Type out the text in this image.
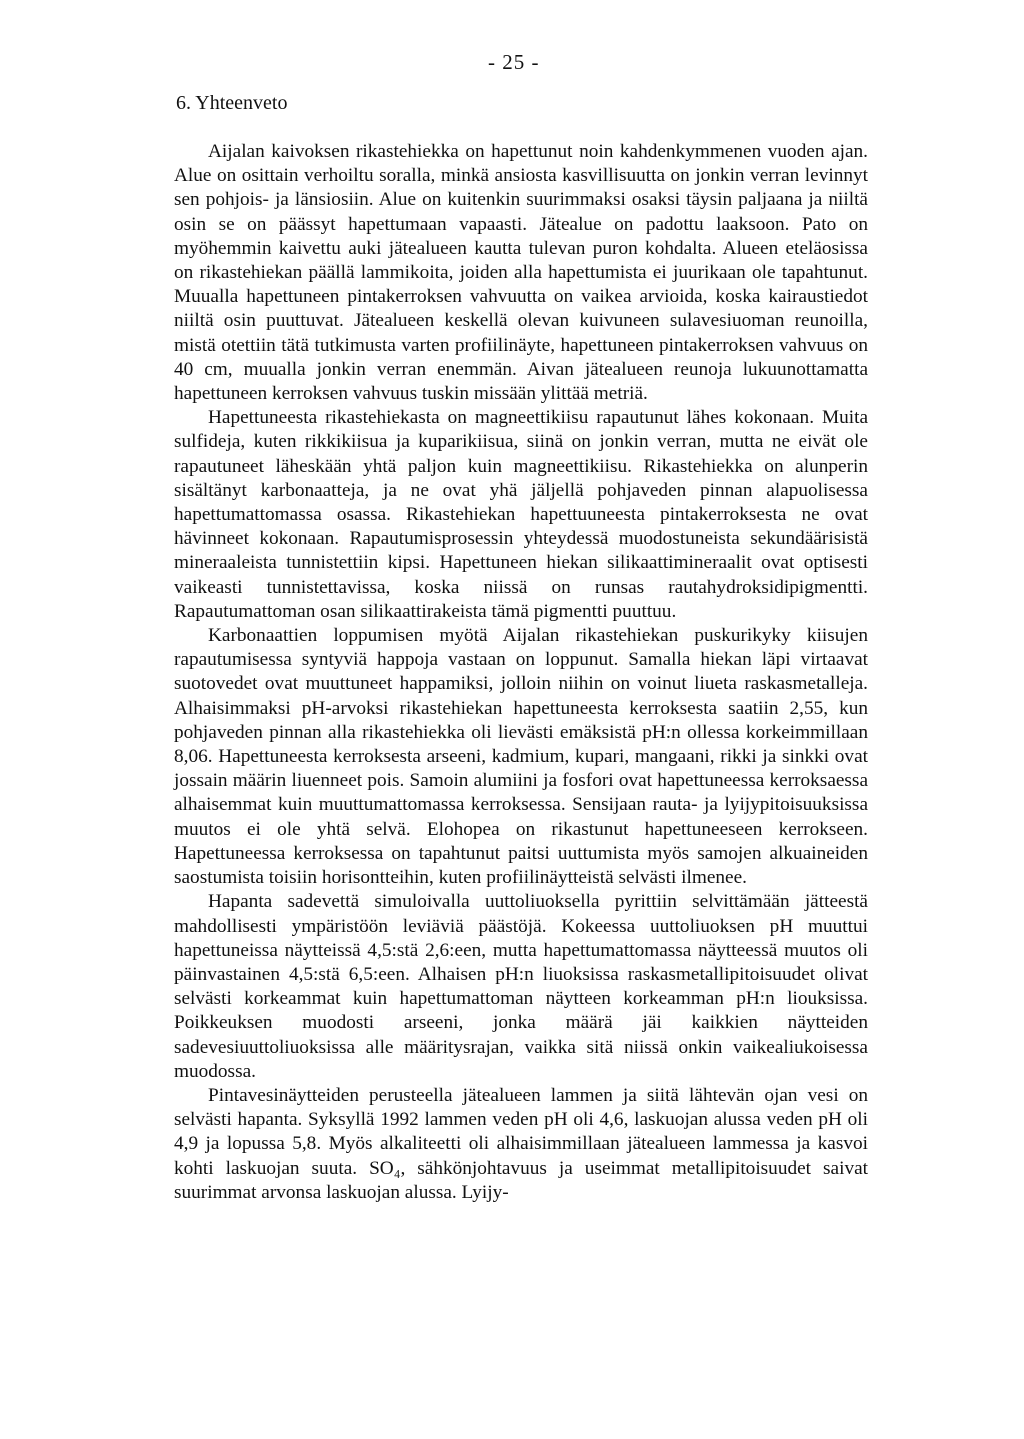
- 25 -
6. Yhteenveto

Aijalan kaivoksen rikastehiekka on hapettunut noin kahdenkymmenen vuoden ajan. Alue on osittain verhoiltu soralla, minkä ansiosta kasvillisuutta on jonkin verran levinnyt sen pohjois- ja länsiosiin. Alue on kuitenkin suurimmaksi osaksi täysin paljaana ja niiltä osin se on päässyt hapettumaan vapaasti. Jätealue on padottu laaksoon. Pato on myöhemmin kaivettu auki jätealueen kautta tulevan puron kohdalta. Alueen eteläosissa on rikastehiekan päällä lammikoita, joiden alla hapettumista ei juurikaan ole tapahtunut. Muualla hapettuneen pintakerroksen vahvuutta on vaikea arvioida, koska kairaustiedot niiltä osin puuttuvat. Jätealueen keskellä olevan kuivuneen sulavesiuoman reunoilla, mistä otettiin tätä tutkimusta varten profiilinäyte, hapettuneen pintakerroksen vahvuus on 40 cm, muualla jonkin verran enemmän. Aivan jätealueen reunoja lukuunottamatta hapettuneen kerroksen vahvuus tuskin missään ylittää metriä.

Hapettuneesta rikastehiekasta on magneettikiisu rapautunut lähes kokonaan. Muita sulfideja, kuten rikkikiisua ja kuparikiisua, siinä on jonkin verran, mutta ne eivät ole rapautuneet läheskään yhtä paljon kuin magneettikiisu. Rikastehiekka on alunperin sisältänyt karbonaatteja, ja ne ovat yhä jäljellä pohjaveden pinnan alapuolisessa hapettumattomassa osassa. Rikastehiekan hapettuuneesta pintakerroksesta ne ovat hävinneet kokonaan. Rapautumisprosessin yhteydessä muodostuneista sekundäärisistä mineraaleista tunnistettiin kipsi. Hapettuneen hiekan silikaattimineraalit ovat optisesti vaikeasti tunnistettavissa, koska niissä on runsas rautahydroksidipigmentti. Rapautumattoman osan silikaattirakeista tämä pigmentti puuttuu.

Karbonaattien loppumisen myötä Aijalan rikastehiekan puskurikyky kiisujen rapautumisessa syntyviä happoja vastaan on loppunut. Samalla hiekan läpi virtaavat suotovedet ovat muuttuneet happamiksi, jolloin niihin on voinut liueta raskasmetalleja. Alhaisimmaksi pH-arvoksi rikastehiekan hapettuneesta kerroksesta saatiin 2,55, kun pohjaveden pinnan alla rikastehiekka oli lievästi emäksistä pH:n ollessa korkeimmillaan 8,06. Hapettuneesta kerroksesta arseeni, kadmium, kupari, mangaani, rikki ja sinkki ovat jossain määrin liuenneet pois. Samoin alumiini ja fosfori ovat hapettuneessa kerroksaessa alhaisemmat kuin muuttumattomassa kerroksessa. Sensijaan rauta- ja lyijypitoisuuksissa muutos ei ole yhtä selvä. Elohopea on rikastunut hapettuneeseen kerrokseen. Hapettuneessa kerroksessa on tapahtunut paitsi uuttumista myös samojen alkuaineiden saostumista toisiin horisontteihin, kuten profiilinäytteistä selvästi ilmenee.

Hapanta sadevettä simuloivalla uuttoliuoksella pyrittiin selvittämään jätteestä mahdollisesti ympäristöön leviäviä päästöjä. Kokeessa uuttoliuoksen pH muuttui hapettuneissa näytteissä 4,5:stä 2,6:een, mutta hapettumattomassa näytteessä muutos oli päinvastainen 4,5:stä 6,5:een. Alhaisen pH:n liuoksissa raskasmetallipitoisuudet olivat selvästi korkeammat kuin hapettumattoman näytteen korkeamman pH:n liouksissa. Poikkeuksen muodosti arseeni, jonka määrä jäi kaikkien näytteiden sadevesiuuttoliuoksissa alle määritysrajan, vaikka sitä niissä onkin vaikealiukoisessa muodossa.

Pintavesinäytteiden perusteella jätealueen lammen ja siitä lähtevän ojan vesi on selvästi hapanta. Syksyllä 1992 lammen veden pH oli 4,6, laskuojan alussa veden pH oli 4,9 ja lopussa 5,8. Myös alkaliteetti oli alhaisimmillaan jätealueen lammessa ja kasvoi kohti laskuojan suuta. SO₄, sähkönjohtavuus ja useimmat metallipitoisuudet saivat suurimmat arvonsa laskuojan alussa. Lyijy-
